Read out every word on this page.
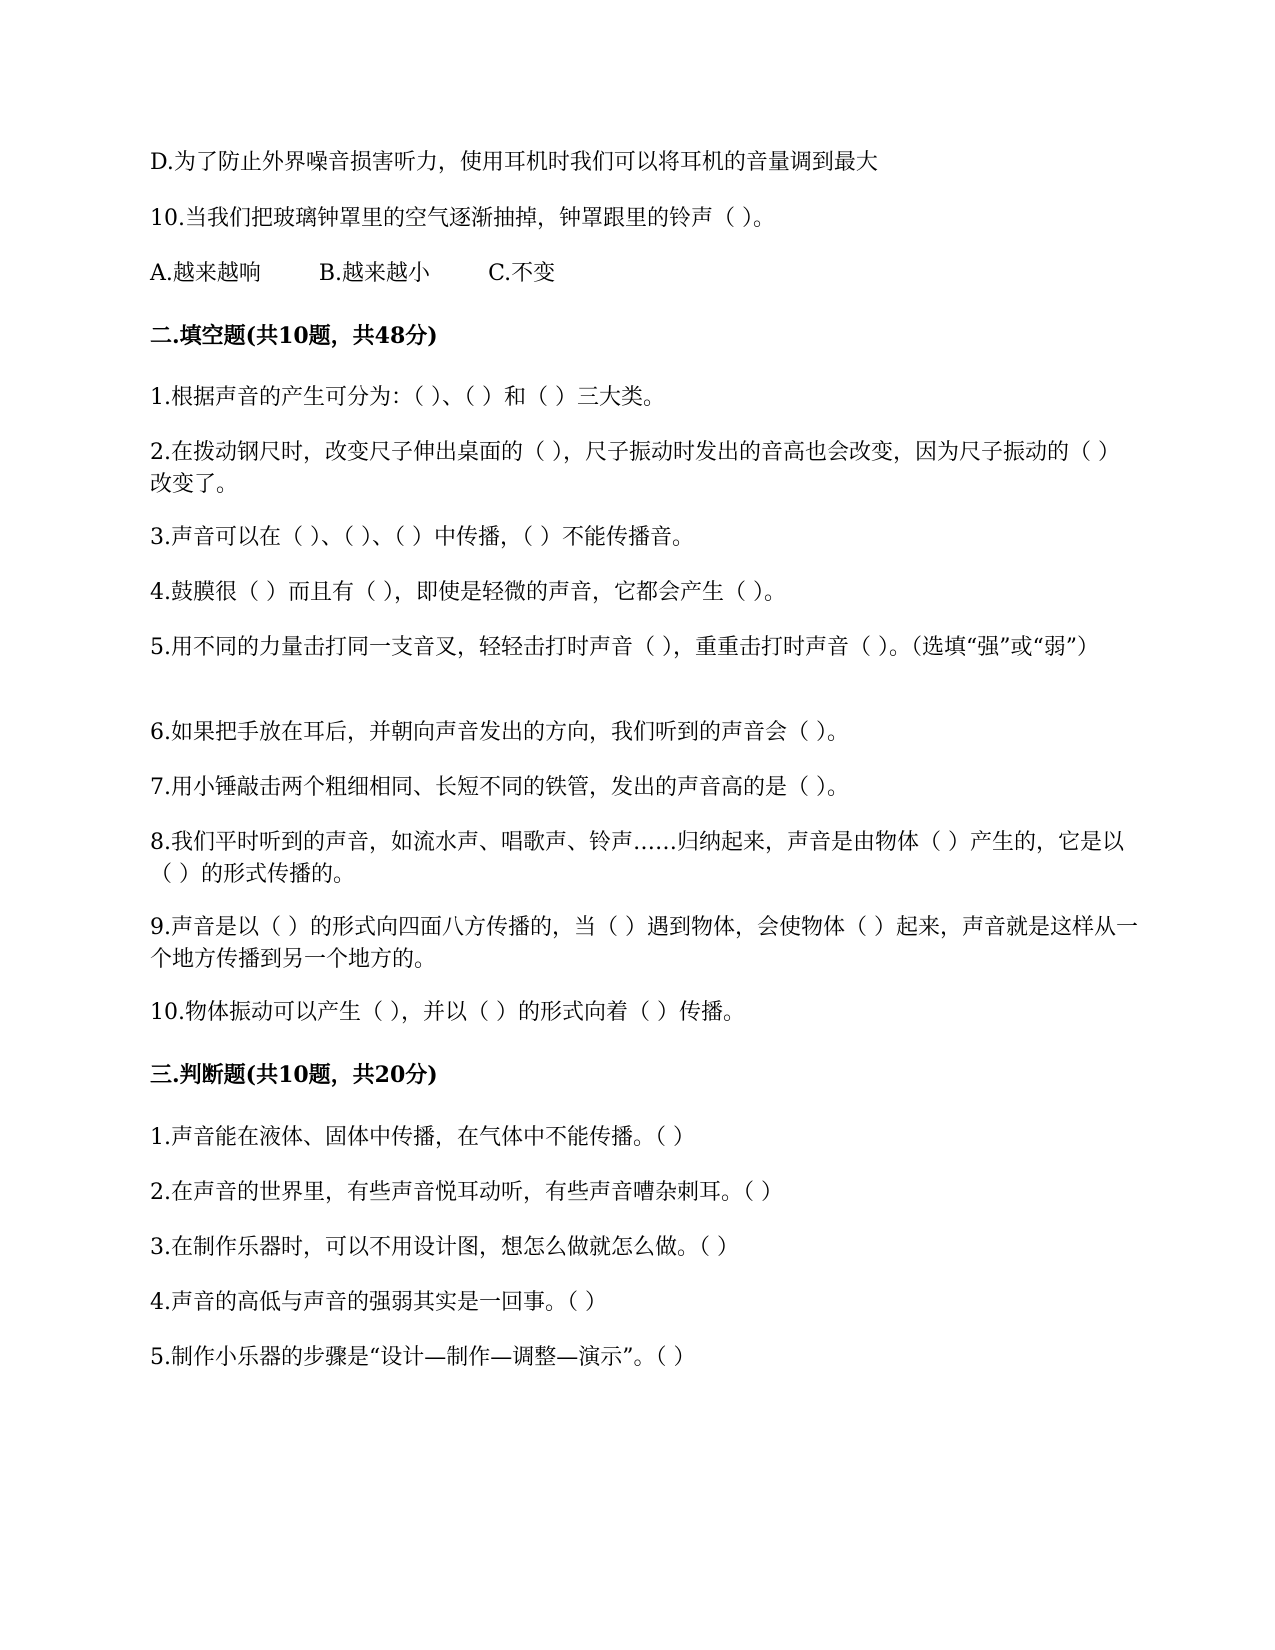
D.为了防止外界噪音损害听力，使用耳机时我们可以将耳机的音量调到最大
10.当我们把玻璃钟罩里的空气逐渐抽掉，钟罩跟里的铃声（ ）。
A.越来越响	B.越来越小	C.不变
二.填空题(共10题，共48分)
1.根据声音的产生可分为：（ ）、（ ）和（ ）三大类。
2.在拨动钢尺时，改变尺子伸出桌面的（ ），尺子振动时发出的音高也会改变，因为尺子振动的（ ）改变了。
3.声音可以在（ ）、（ ）、（ ）中传播，（ ）不能传播音。
4.鼓膜很（ ）而且有（ ），即使是轻微的声音，它都会产生（ ）。
5.用不同的力量击打同一支音叉，轻轻击打时声音（ ），重重击打时声音（ ）。（选填“强”或“弱”）
6.如果把手放在耳后，并朝向声音发出的方向，我们听到的声音会（ ）。
7.用小锤敲击两个粗细相同、长短不同的铁管，发出的声音高的是（ ）。
8.我们平时听到的声音，如流水声、唱歌声、铃声……归纳起来，声音是由物体（ ）产生的，它是以（ ）的形式传播的。
9.声音是以（ ）的形式向四面八方传播的，当（ ）遇到物体，会使物体（ ）起来，声音就是这样从一个地方传播到另一个地方的。
10.物体振动可以产生（ ），并以（ ）的形式向着（ ）传播。
三.判断题(共10题，共20分)
1.声音能在液体、固体中传播，在气体中不能传播。（ ）
2.在声音的世界里，有些声音悦耳动听，有些声音嘈杂刺耳。（ ）
3.在制作乐器时，可以不用设计图，想怎么做就怎么做。（ ）
4.声音的高低与声音的强弱其实是一回事。（ ）
5.制作小乐器的步骤是“设计—制作—调整—演示”。（ ）
